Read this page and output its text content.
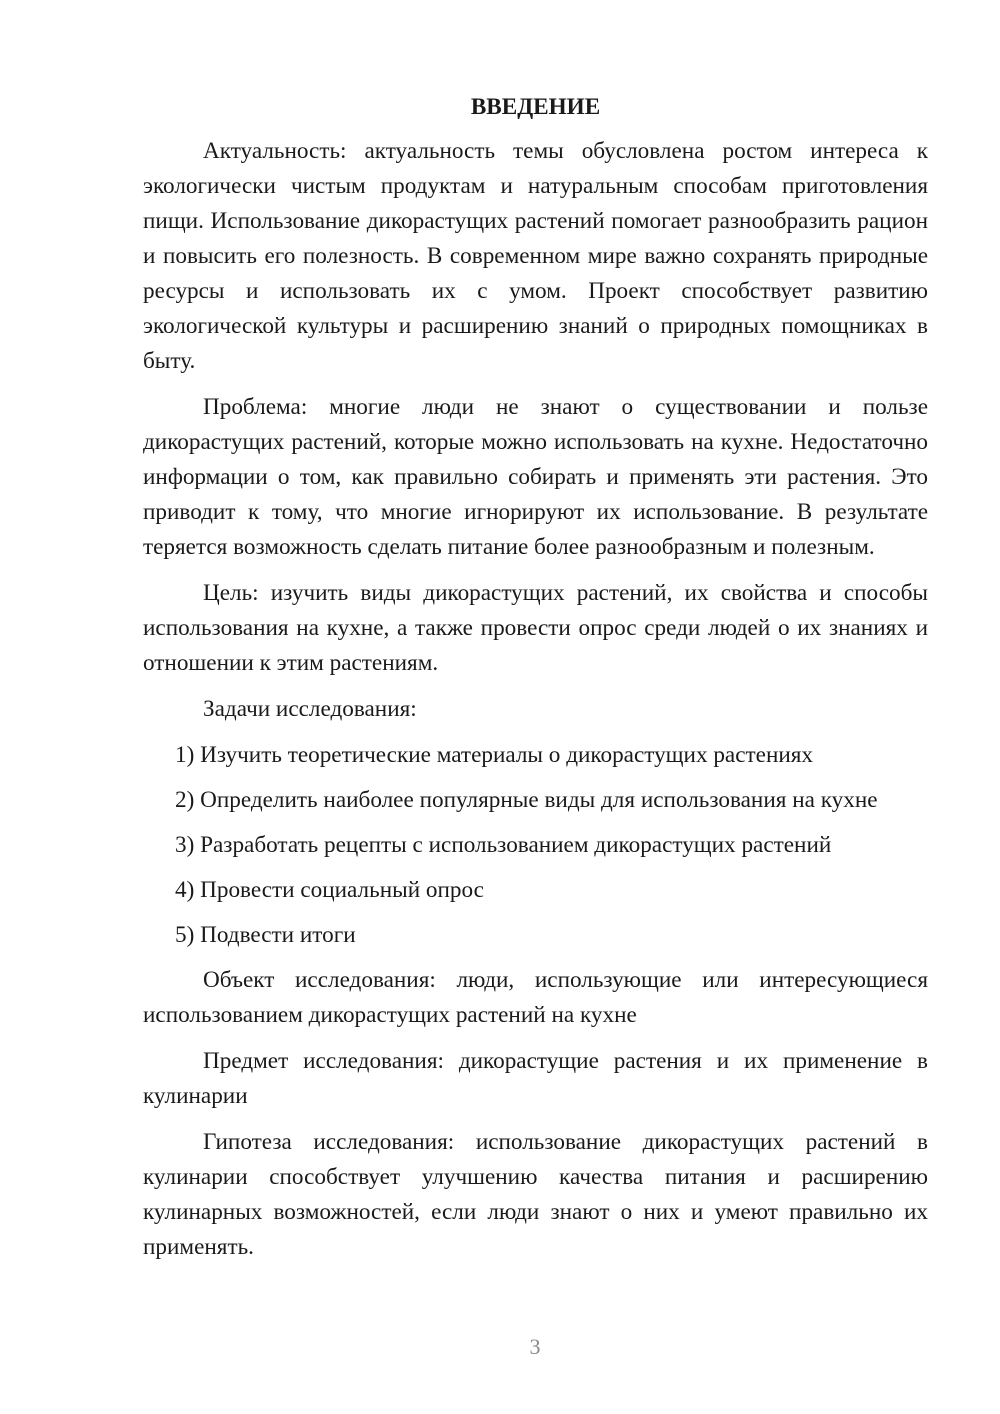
ВВЕДЕНИЕ

Актуальность: актуальность темы обусловлена ростом интереса к экологически чистым продуктам и натуральным способам приготовления пищи. Использование дикорастущих растений помогает разнообразить рацион и повысить его полезность. В современном мире важно сохранять природные ресурсы и использовать их с умом. Проект способствует развитию экологической культуры и расширению знаний о природных помощниках в быту.

Проблема: многие люди не знают о существовании и пользе дикорастущих растений, которые можно использовать на кухне. Недостаточно информации о том, как правильно собирать и применять эти растения. Это приводит к тому, что многие игнорируют их использование. В результате теряется возможность сделать питание более разнообразным и полезным.

Цель: изучить виды дикорастущих растений, их свойства и способы использования на кухне, а также провести опрос среди людей о их знаниях и отношении к этим растениям.

Задачи исследования:

1) Изучить теоретические материалы о дикорастущих растениях

2) Определить наиболее популярные виды для использования на кухне

3) Разработать рецепты с использованием дикорастущих растений

4) Провести социальный опрос

5) Подвести итоги

Объект исследования: люди, использующие или интересующиеся использованием дикорастущих растений на кухне

Предмет исследования: дикорастущие растения и их применение в кулинарии

Гипотеза исследования: использование дикорастущих растений в кулинарии способствует улучшению качества питания и расширению кулинарных возможностей, если люди знают о них и умеют правильно их применять.

3
